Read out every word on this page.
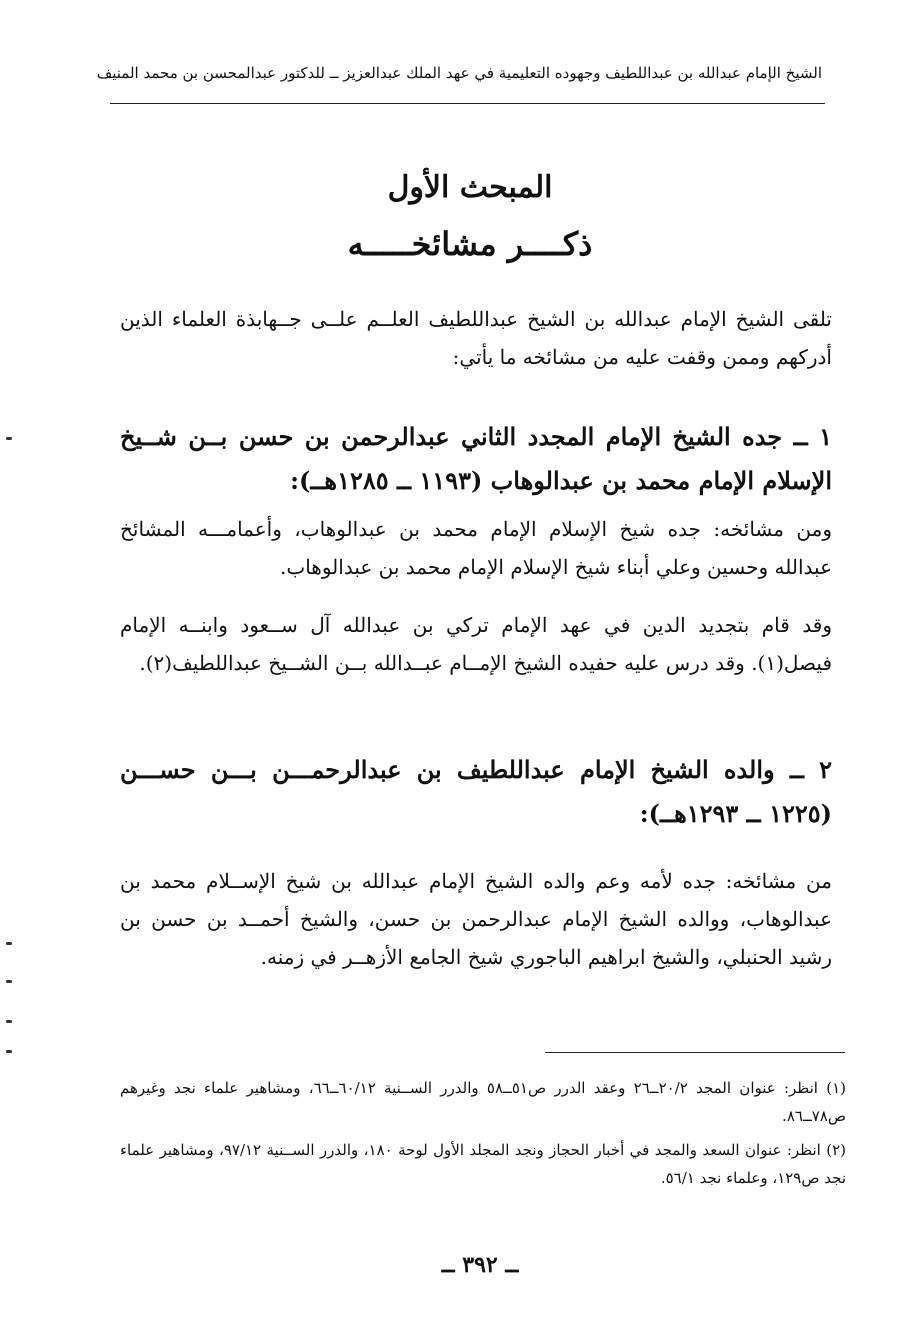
الشيخ الإمام عبدالله بن عبداللطيف وجهوده التعليمية في عهد الملك عبدالعزيز ــ للدكتور عبدالمحسن بن محمد المنيف
المبحث الأول
ذكــــر مشائخـــــه
تلقى الشيخ الإمام عبدالله بن الشيخ عبداللطيف العلــم علــى جــهابذة العلماء الذين أدركهم وممن وقفت عليه من مشائخه ما يأتي:
١ ــ جده الشيخ الإمام المجدد الثاني عبدالرحمن بن حسن بــن شــيخ الإسلام الإمام محمد بن عبدالوهاب (١١٩٣ ــ ١٢٨٥هــ):
ومن مشائخه: جده شيخ الإسلام الإمام محمد بن عبدالوهاب، وأعمامـــه المشائخ عبدالله وحسين وعلي أبناء شيخ الإسلام الإمام محمد بن عبدالوهاب.
وقد قام بتجديد الدين في عهد الإمام تركي بن عبدالله آل ســعود وابنــه الإمام فيصل(١). وقد درس عليه حفيده الشيخ الإمــام عبــدالله بــن الشــيخ عبداللطيف(٢).
٢ ــ والده الشيخ الإمام عبداللطيف بن عبدالرحمـــن بـــن حســـن (١٢٢٥ ــ ١٢٩٣هــ):
من مشائخه: جده لأمه وعم والده الشيخ الإمام عبدالله بن شيخ الإســلام محمد بن عبدالوهاب، ووالده الشيخ الإمام عبدالرحمن بن حسن، والشيخ أحمــد بن حسن بن رشيد الحنبلي، والشيخ ابراهيم الباجوري شيخ الجامع الأزهــر في زمنه.
(١) انظر: عنوان المجد ٢٠/٢ــ٢٦ وعقد الدرر ص٥١ــ٥٨ والدرر الســنية ٦٠/١٢ــ٦٦، ومشاهير علماء نجد وغيرهم ص٧٨ــ٨٦.
(٢) انظر: عنوان السعد والمجد في أخبار الحجاز ونجد المجلد الأول لوحة ١٨٠، والدرر الســنية ٩٧/١٢، ومشاهير علماء نجد ص١٢٩، وعلماء نجد ٥٦/١.
ــ ٣٩٢ ــ
